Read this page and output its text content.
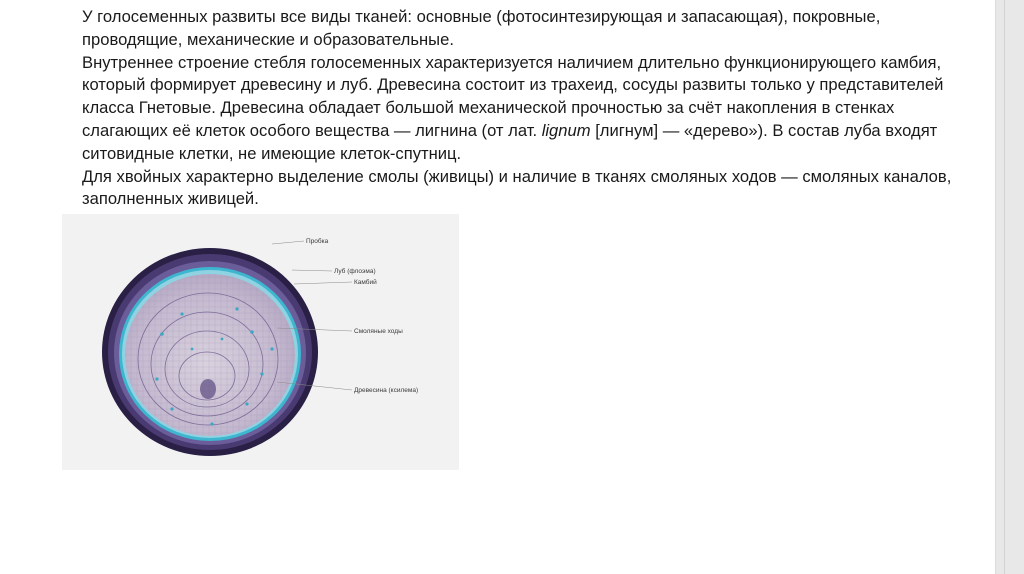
У голосеменных развиты все виды тканей: основные (фотосинтезирующая и запасающая), покровные, проводящие, механические и образовательные.

Внутреннее строение стебля голосеменных характеризуется наличием длительно функционирующего камбия, который формирует древесину и луб. Древесина состоит из трахеид, сосуды развиты только у представителей класса Гнетовые. Древесина обладает большой механической прочностью за счёт накопления в стенках слагающих её клеток особого вещества — лигнина (от лат. lignum [лигнум] — «дерево»). В состав луба входят ситовидные клетки, не имеющие клеток-спутниц.

Для хвойных характерно выделение смолы (живицы) и наличие в тканях смоляных ходов — смоляных каналов, заполненных живицей.

Пробка
Луб (флоэма)
Камбий
Смоляные ходы
Древесина (ксилема)
